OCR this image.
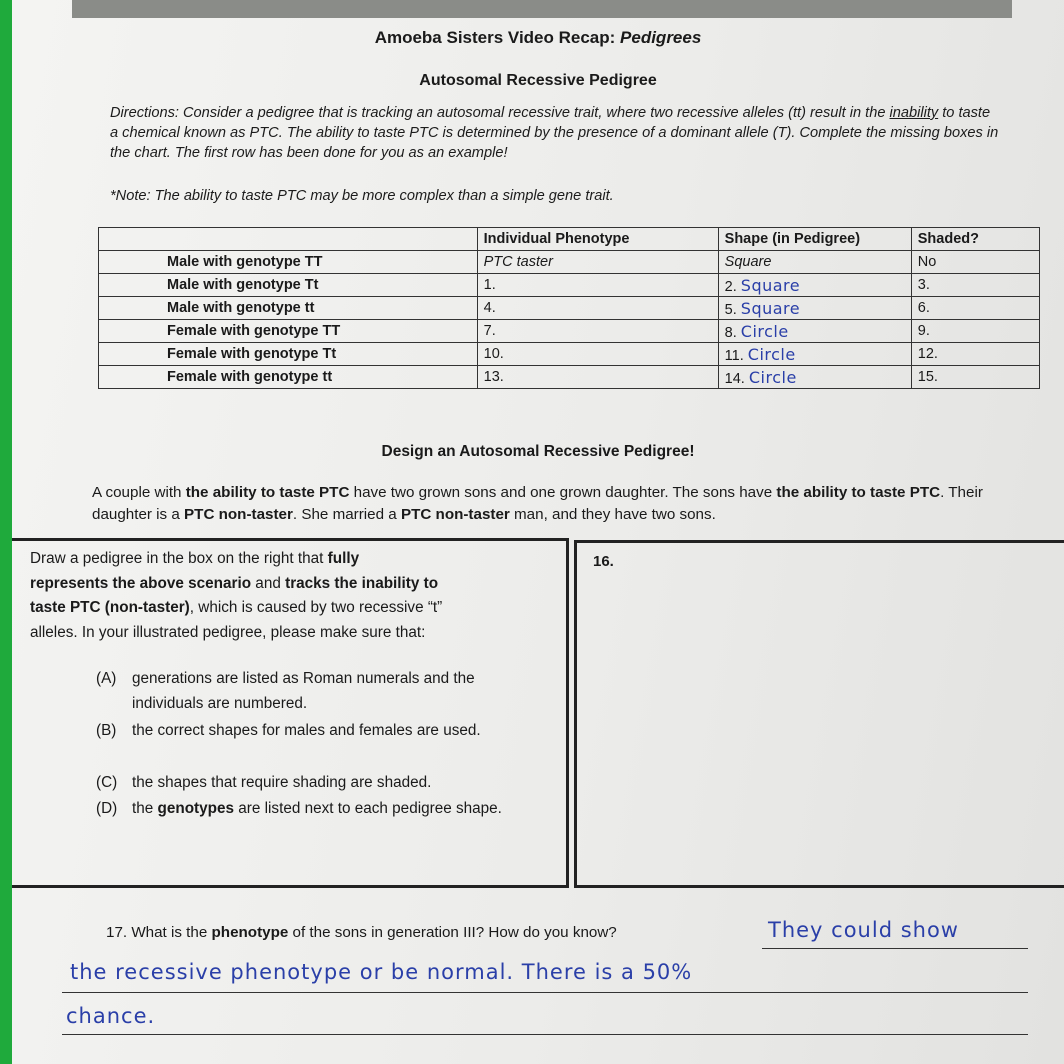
Amoeba Sisters Video Recap: Pedigrees
Autosomal Recessive Pedigree
Directions: Consider a pedigree that is tracking an autosomal recessive trait, where two recessive alleles (tt) result in the inability to taste a chemical known as PTC. The ability to taste PTC is determined by the presence of a dominant allele (T). Complete the missing boxes in the chart. The first row has been done for you as an example!
*Note: The ability to taste PTC may be more complex than a simple gene trait.
	Individual Phenotype	Shape (in Pedigree)	Shaded?
Male with genotype TT	PTC taster	Square	No
Male with genotype Tt	1.	2. Square	3.
Male with genotype tt	4.	5. Square	6.
Female with genotype TT	7.	8. Circle	9.
Female with genotype Tt	10.	11. Circle	12.
Female with genotype tt	13.	14. Circle	15.
Design an Autosomal Recessive Pedigree!
A couple with the ability to taste PTC have two grown sons and one grown daughter. The sons have the ability to taste PTC. Their daughter is a PTC non-taster. She married a PTC non-taster man, and they have two sons.
Draw a pedigree in the box on the right that fully
represents the above scenario and tracks the inability to
taste PTC (non-taster), which is caused by two recessive “t”
alleles. In your illustrated pedigree, please make sure that:
(A) generations are listed as Roman numerals and the individuals are numbered.
(B) the correct shapes for males and females are used.
(C) the shapes that require shading are shaded.
(D) the genotypes are listed next to each pedigree shape.
16.
17. What is the phenotype of the sons in generation III? How do you know?	They could show
the recessive phenotype or be normal. There is a 50%
chance.
